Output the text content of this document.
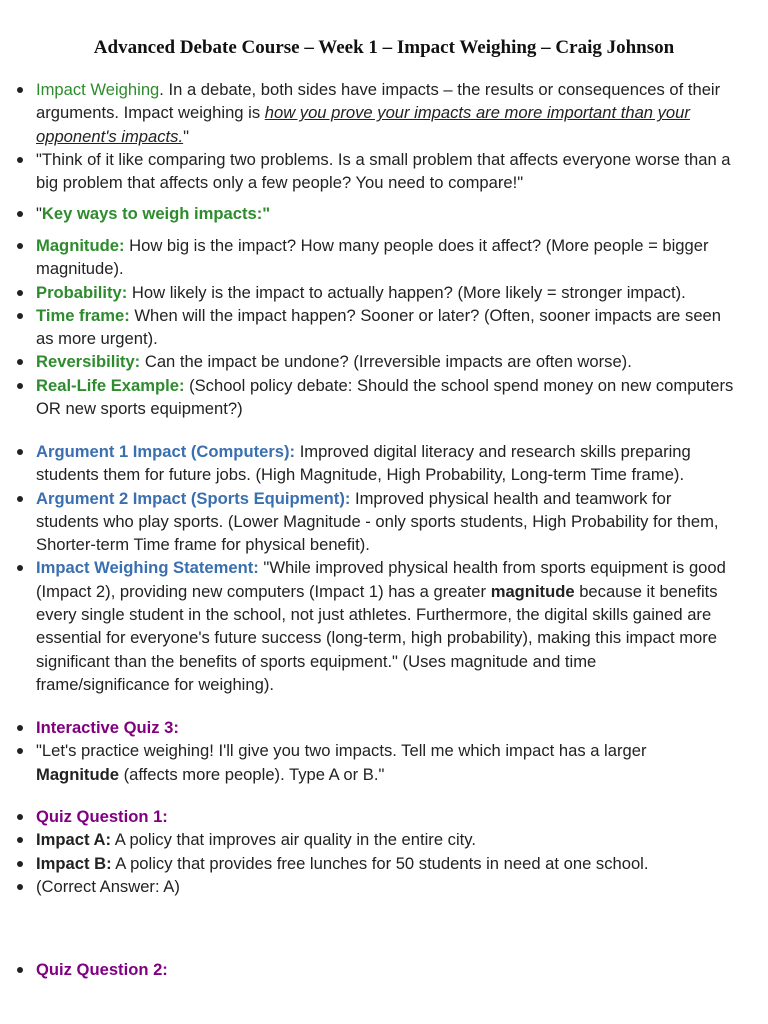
Advanced Debate Course – Week 1 – Impact Weighing – Craig Johnson
Impact Weighing. In a debate, both sides have impacts – the results or consequences of their arguments. Impact weighing is how you prove your impacts are more important than your opponent's impacts."
"Think of it like comparing two problems. Is a small problem that affects everyone worse than a big problem that affects only a few people? You need to compare!"
"Key ways to weigh impacts:"
Magnitude: How big is the impact? How many people does it affect? (More people = bigger magnitude).
Probability: How likely is the impact to actually happen? (More likely = stronger impact).
Time frame: When will the impact happen? Sooner or later? (Often, sooner impacts are seen as more urgent).
Reversibility: Can the impact be undone? (Irreversible impacts are often worse).
Real-Life Example: (School policy debate: Should the school spend money on new computers OR new sports equipment?)
Argument 1 Impact (Computers): Improved digital literacy and research skills preparing students them for future jobs. (High Magnitude, High Probability, Long-term Time frame).
Argument 2 Impact (Sports Equipment): Improved physical health and teamwork for students who play sports. (Lower Magnitude - only sports students, High Probability for them, Shorter-term Time frame for physical benefit).
Impact Weighing Statement: "While improved physical health from sports equipment is good (Impact 2), providing new computers (Impact 1) has a greater magnitude because it benefits every single student in the school, not just athletes. Furthermore, the digital skills gained are essential for everyone's future success (long-term, high probability), making this impact more significant than the benefits of sports equipment." (Uses magnitude and time frame/significance for weighing).
Interactive Quiz 3:
"Let's practice weighing! I'll give you two impacts. Tell me which impact has a larger Magnitude (affects more people). Type A or B."
Quiz Question 1:
Impact A: A policy that improves air quality in the entire city.
Impact B: A policy that provides free lunches for 50 students in need at one school.
(Correct Answer: A)
Quiz Question 2:
